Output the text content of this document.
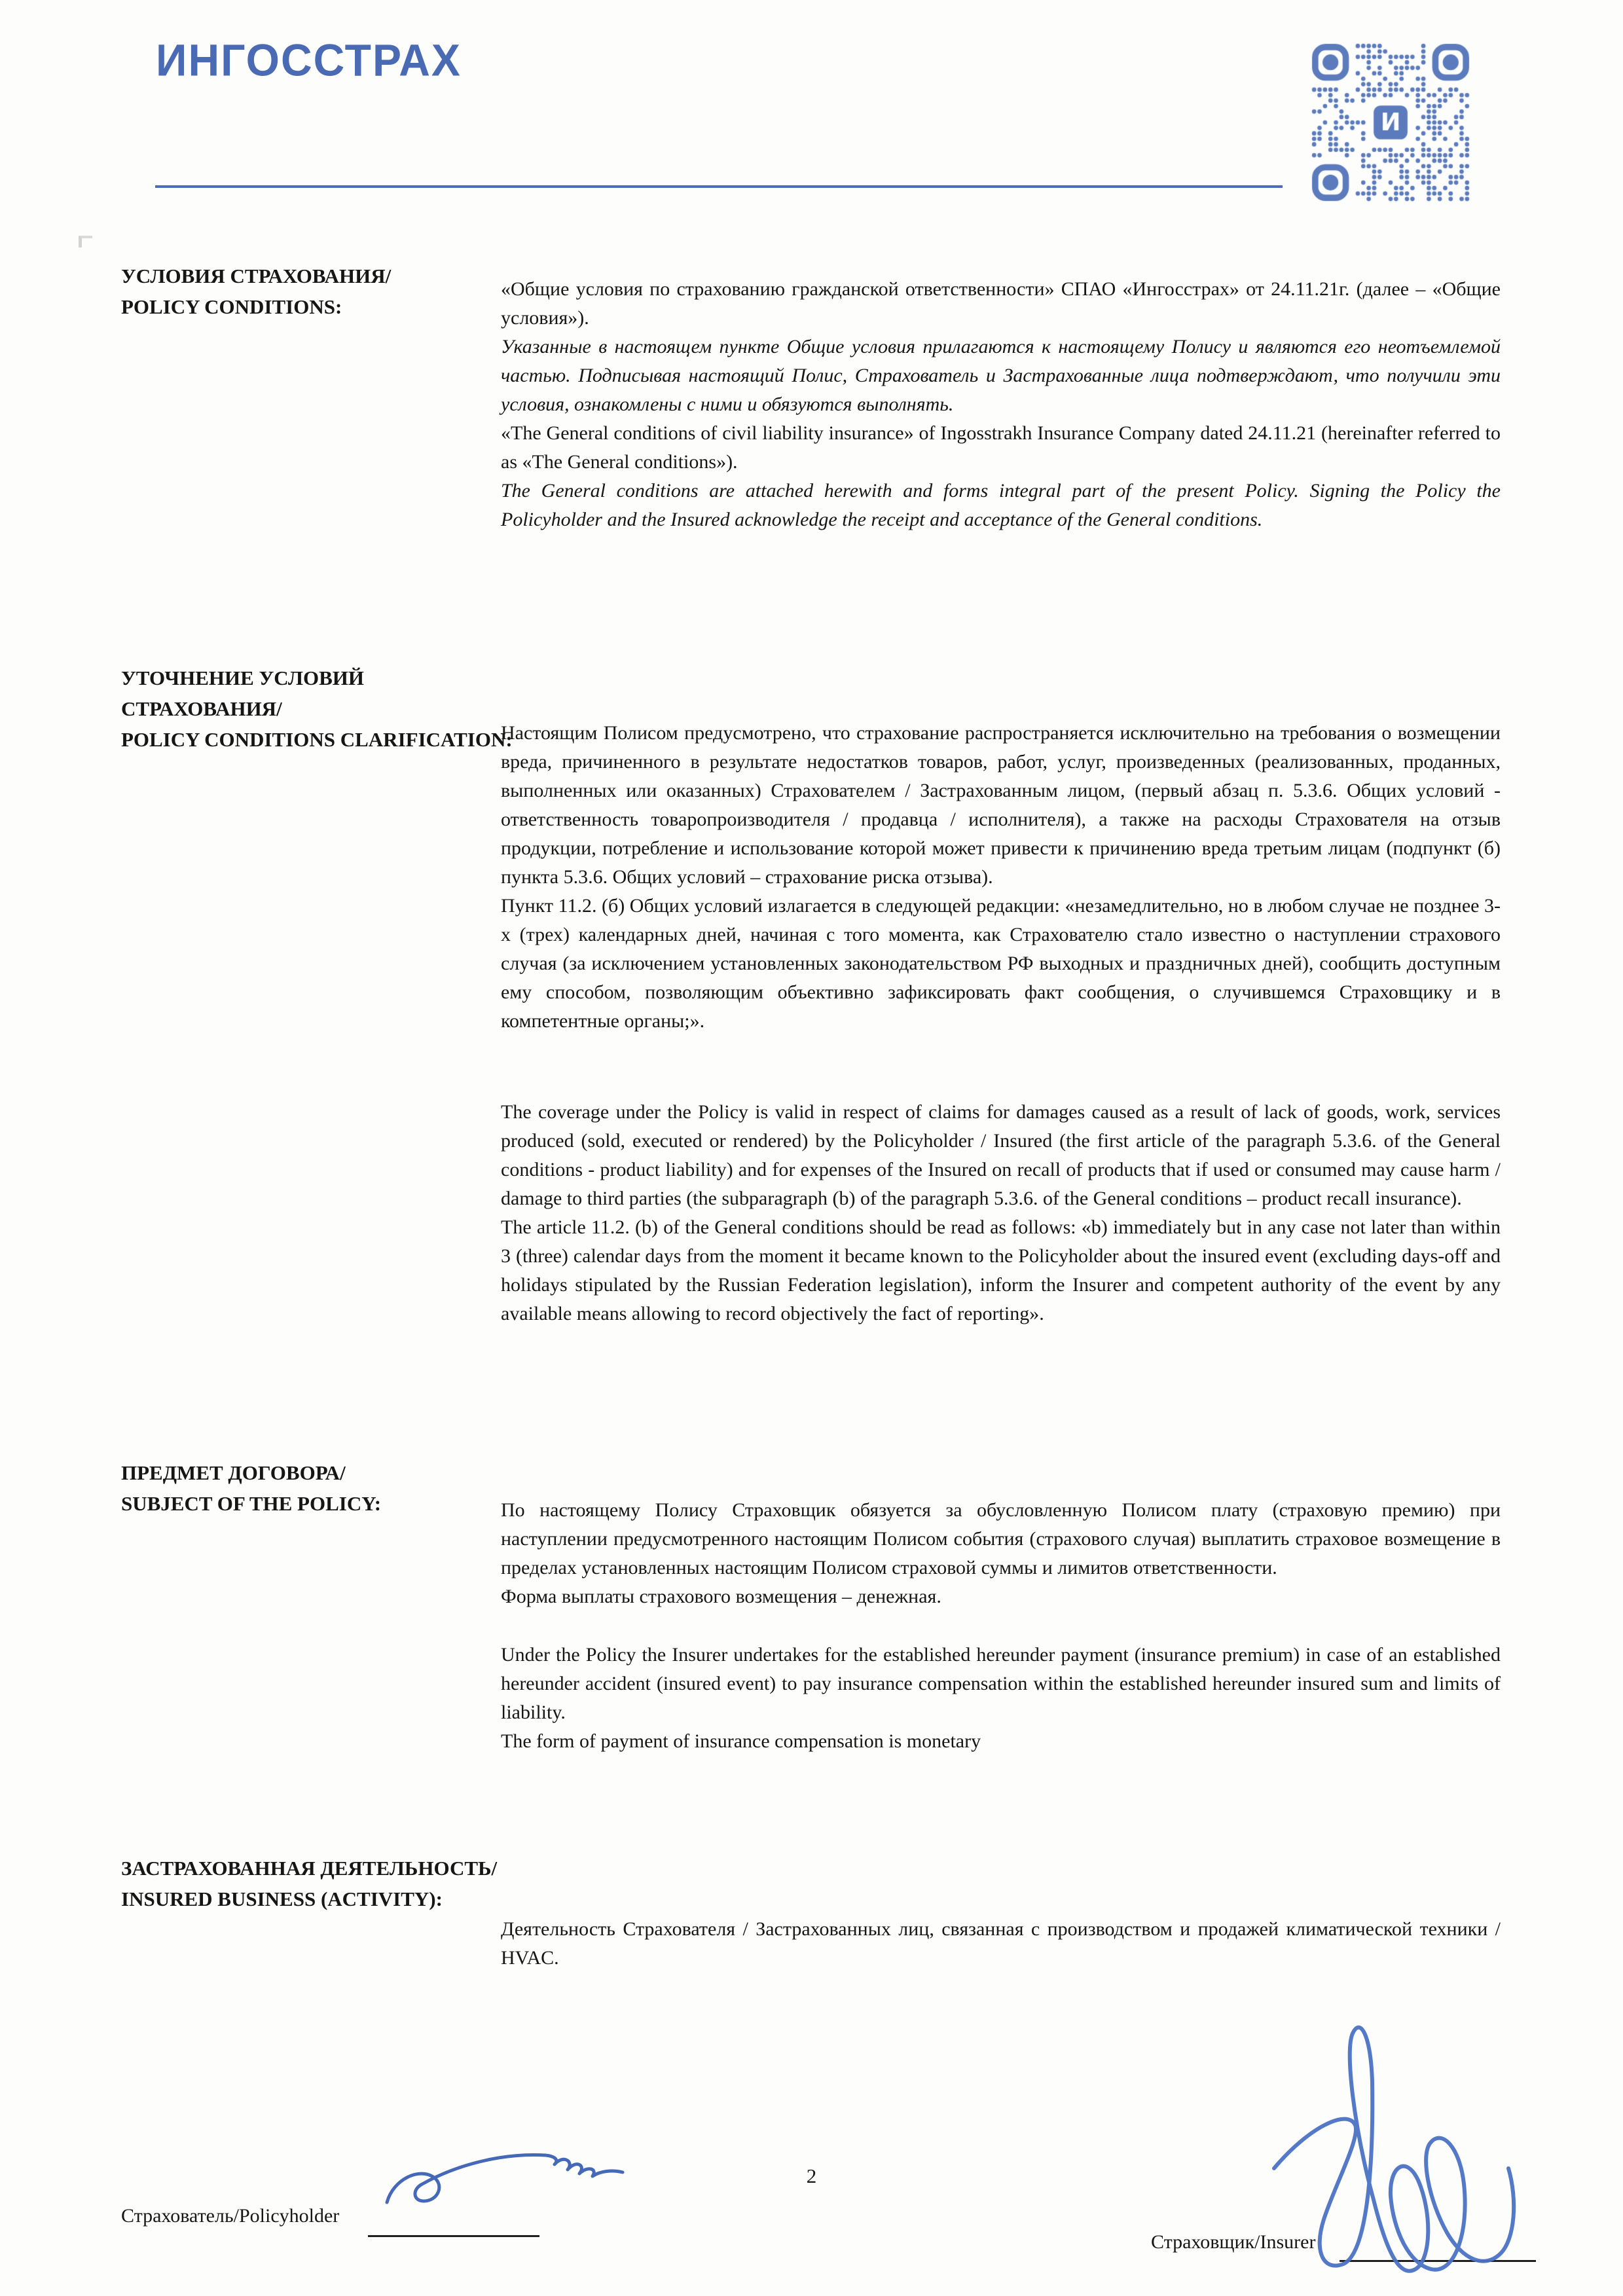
ИНГОССТРАХ
УСЛОВИЯ СТРАХОВАНИЯ/
POLICY CONDITIONS:

«Общие условия по страхованию гражданской ответственности» СПАО «Ингосстрах» от 24.11.21г. (далее – «Общие условия»).

Указанные в настоящем пункте Общие условия прилагаются к настоящему Полису и являются его неотъемлемой частью. Подписывая настоящий Полис, Страхователь и Застрахованные лица подтверждают, что получили эти условия, ознакомлены с ними и обязуются выполнять.

«The General conditions of civil liability insurance» of Ingosstrakh Insurance Company dated 24.11.21 (hereinafter referred to as «The General conditions»).

The General conditions are attached herewith and forms integral part of the present Policy. Signing the Policy the Policyholder and the Insured acknowledge the receipt and acceptance of the General conditions.

УТОЧНЕНИЕ УСЛОВИЙ СТРАХОВАНИЯ/
POLICY CONDITIONS CLARIFICATION:

Настоящим Полисом предусмотрено, что страхование распространяется исключительно на требования о возмещении вреда, причиненного в результате недостатков товаров, работ, услуг, произведенных (реализованных, проданных, выполненных или оказанных) Страхователем / Застрахованным лицом, (первый абзац п. 5.3.6. Общих условий - ответственность товаропроизводителя / продавца / исполнителя), а также на расходы Страхователя на отзыв продукции, потребление и использование которой может привести к причинению вреда третьим лицам (подпункт (б) пункта 5.3.6. Общих условий – страхование риска отзыва).

Пункт 11.2. (б) Общих условий излагается в следующей редакции: «незамедлительно, но в любом случае не позднее 3-х (трех) календарных дней, начиная с того момента, как Страхователю стало известно о наступлении страхового случая (за исключением установленных законодательством РФ выходных и праздничных дней), сообщить доступным ему способом, позволяющим объективно зафиксировать факт сообщения, о случившемся Страховщику и в компетентные органы;».

The coverage under the Policy is valid in respect of claims for damages caused as a result of lack of goods, work, services produced (sold, executed or rendered) by the Policyholder / Insured (the first article of the paragraph 5.3.6. of the General conditions - product liability) and for expenses of the Insured on recall of products that if used or consumed may cause harm / damage to third parties (the subparagraph (b) of the paragraph 5.3.6. of the General conditions – product recall insurance).

The article 11.2. (b) of the General conditions should be read as follows: «b) immediately but in any case not later than within 3 (three) calendar days from the moment it became known to the Policyholder about the insured event (excluding days-off and holidays stipulated by the Russian Federation legislation), inform the Insurer and competent authority of the event by any available means allowing to record objectively the fact of reporting».

ПРЕДМЕТ ДОГОВОРА/
SUBJECT OF THE POLICY:	По настоящему Полису Страховщик обязуется за обусловленную Полисом плату (страховую премию) при наступлении предусмотренного настоящим Полисом события (страхового случая) выплатить страховое возмещение в пределах установленных настоящим Полисом страховой суммы и лимитов ответственности.

Форма выплаты страхового возмещения – денежная.

Under the Policy the Insurer undertakes for the established hereunder payment (insurance premium) in case of an established hereunder accident (insured event) to pay insurance compensation within the established hereunder insured sum and limits of liability.

The form of payment of insurance compensation is monetary

ЗАСТРАХОВАННАЯ ДЕЯТЕЛЬНОСТЬ/
INSURED BUSINESS (ACTIVITY):

Деятельность Страхователя / Застрахованных лиц, связанная с производством и продажей климатической техники / HVAC.

Страхователь/Policyholder
2
Страховщик/Insurer
